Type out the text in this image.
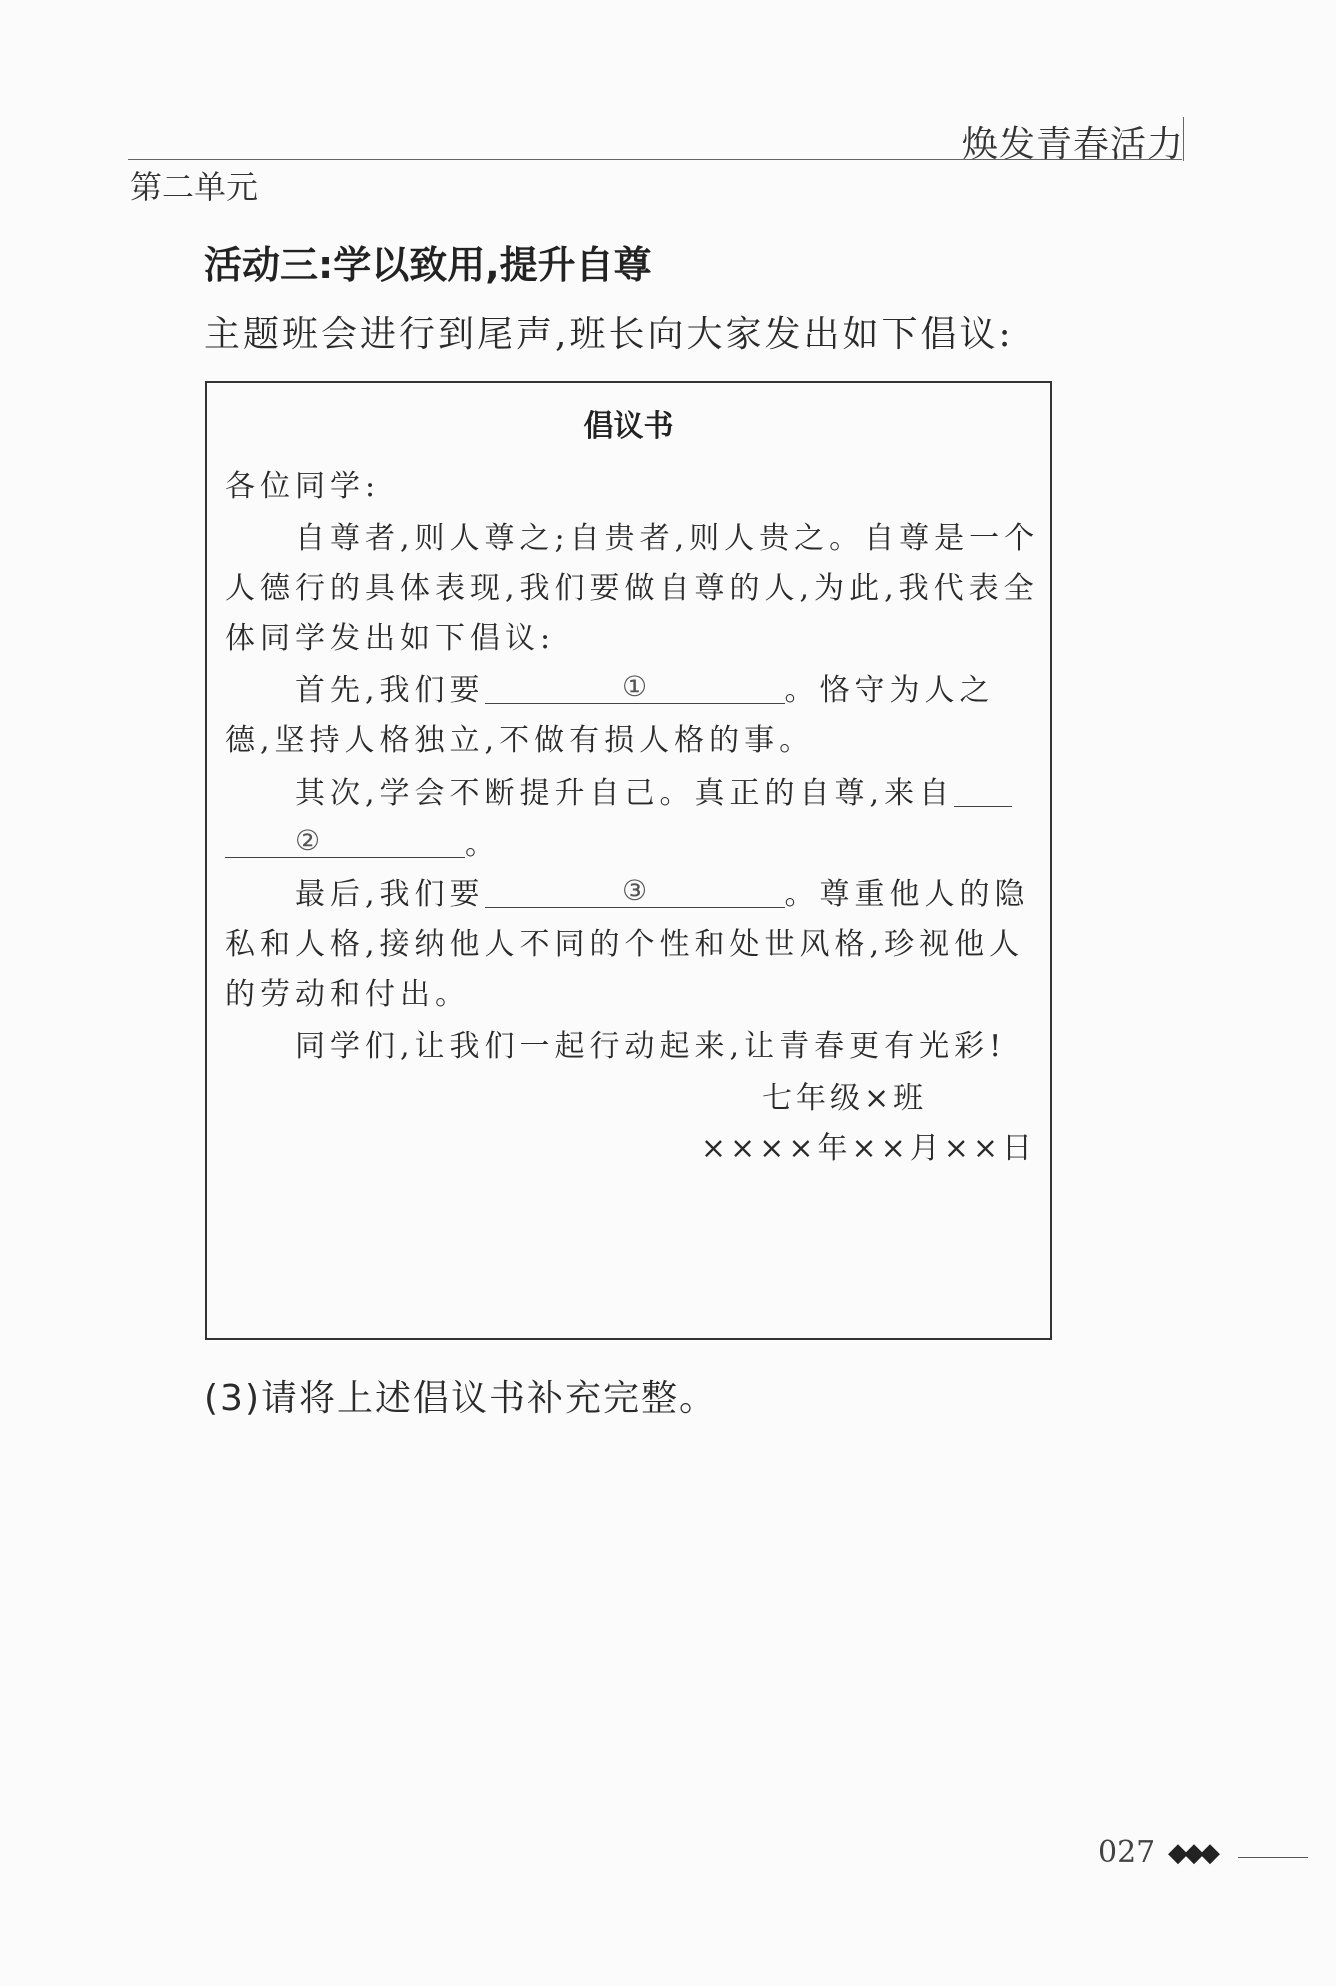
焕发青春活力
第二单元
活动三:学以致用,提升自尊
主题班会进行到尾声,班长向大家发出如下倡议:
倡议书
各位同学:
自尊者,则人尊之;自贵者,则人贵之。自尊是一个
人德行的具体表现,我们要做自尊的人,为此,我代表全
体同学发出如下倡议:
首先,我们要	①	。恪守为人之
德,坚持人格独立,不做有损人格的事。
其次,学会不断提升自己。真正的自尊,来自
②	。
最后,我们要	③	。尊重他人的隐
私和人格,接纳他人不同的个性和处世风格,珍视他人
的劳动和付出。
同学们,让我们一起行动起来,让青春更有光彩!
七年级×班
××××年××月××日
(3)请将上述倡议书补充完整。
027 ◆◆◆
